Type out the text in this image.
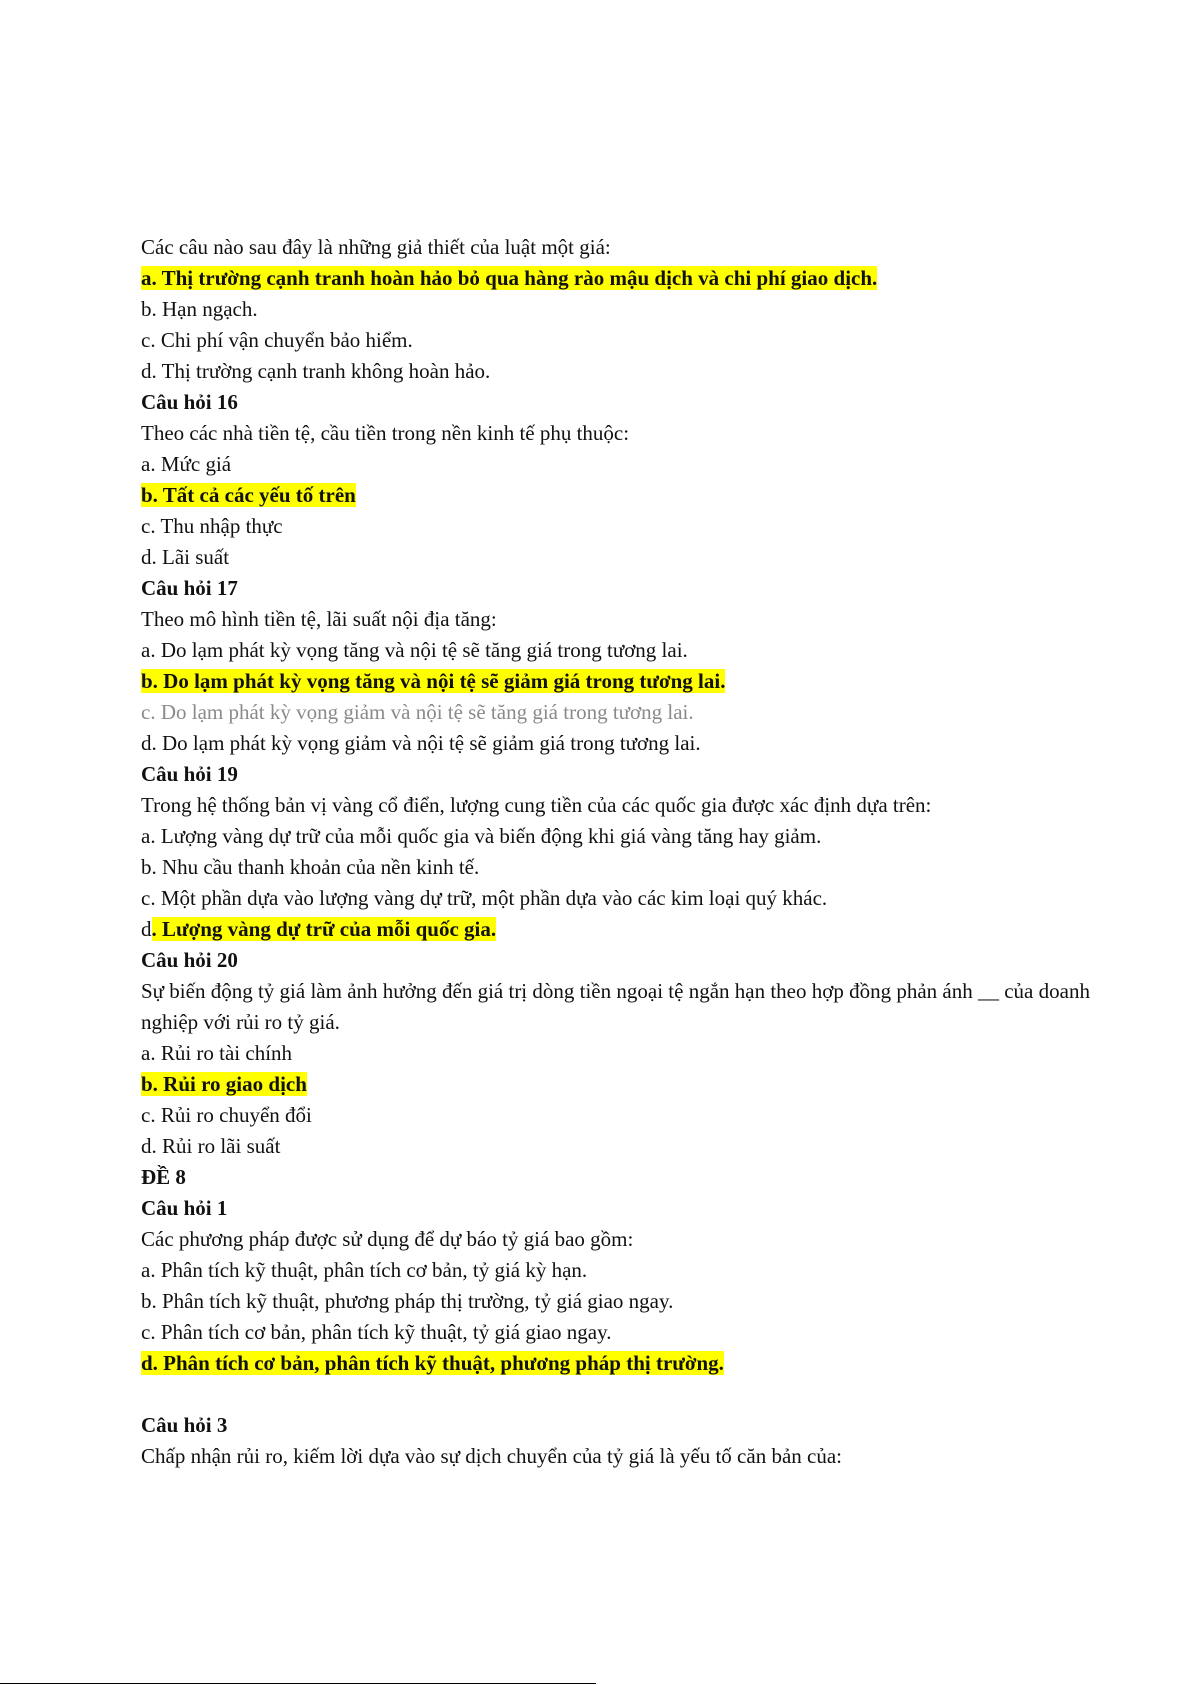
Các câu nào sau đây là những giả thiết của luật một giá:
a. Thị trường cạnh tranh hoàn hảo bỏ qua hàng rào mậu dịch và chi phí giao dịch.
b. Hạn ngạch.
c. Chi phí vận chuyển bảo hiểm.
d. Thị trường cạnh tranh không hoàn hảo.
Câu hỏi 16
Theo các nhà tiền tệ, cầu tiền trong nền kinh tế phụ thuộc:
a. Mức giá
b. Tất cả các yếu tố trên
c. Thu nhập thực
d. Lãi suất
Câu hỏi 17
Theo mô hình tiền tệ, lãi suất nội địa tăng:
a. Do lạm phát kỳ vọng tăng và nội tệ sẽ tăng giá trong tương lai.
b. Do lạm phát kỳ vọng tăng và nội tệ sẽ giảm giá trong tương lai.
c. Do lạm phát kỳ vọng giảm và nội tệ sẽ tăng giá trong tương lai.
d. Do lạm phát kỳ vọng giảm và nội tệ sẽ giảm giá trong tương lai.
Câu hỏi 19
Trong hệ thống bản vị vàng cổ điển, lượng cung tiền của các quốc gia được xác định dựa trên:
a. Lượng vàng dự trữ của mỗi quốc gia và biến động khi giá vàng tăng hay giảm.
b. Nhu cầu thanh khoản của nền kinh tế.
c. Một phần dựa vào lượng vàng dự trữ, một phần dựa vào các kim loại quý khác.
d. Lượng vàng dự trữ của mỗi quốc gia.
Câu hỏi 20
Sự biến động tỷ giá làm ảnh hưởng đến giá trị dòng tiền ngoại tệ ngắn hạn theo hợp đồng phản ánh __ của doanh nghiệp với rủi ro tỷ giá.
a. Rủi ro tài chính
b. Rủi ro giao dịch
c. Rủi ro chuyển đổi
d. Rủi ro lãi suất
ĐỀ 8
Câu hỏi 1
Các phương pháp được sử dụng để dự báo tỷ giá bao gồm:
a. Phân tích kỹ thuật, phân tích cơ bản, tỷ giá kỳ hạn.
b. Phân tích kỹ thuật, phương pháp thị trường, tỷ giá giao ngay.
c. Phân tích cơ bản, phân tích kỹ thuật, tỷ giá giao ngay.
d. Phân tích cơ bản, phân tích kỹ thuật, phương pháp thị trường.
Câu hỏi 3
Chấp nhận rủi ro, kiếm lời dựa vào sự dịch chuyển của tỷ giá là yếu tố căn bản của:
